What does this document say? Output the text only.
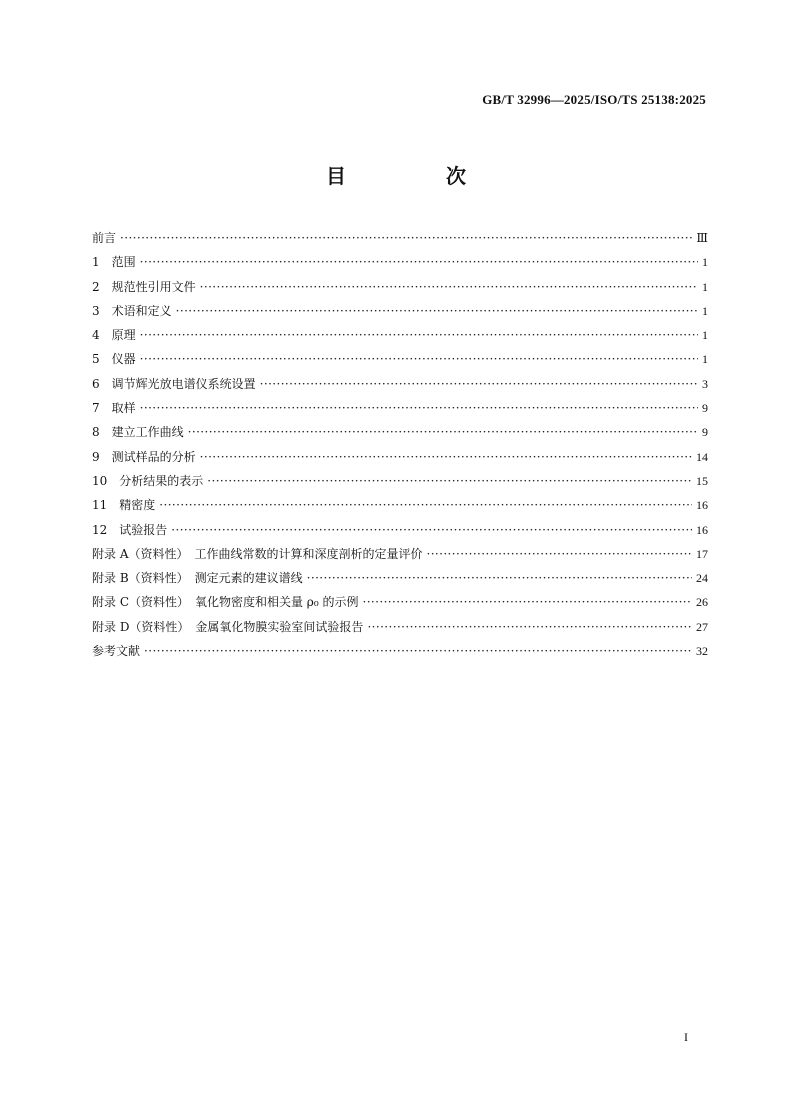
GB/T 32996—2025/ISO/TS 25138:2025
目　次
前言 ·····	Ⅲ
1　范围 ·····	1
2　规范性引用文件 ·····	1
3　术语和定义 ·····	1
4　原理 ·····	1
5　仪器 ·····	1
6　调节辉光放电谱仪系统设置 ·····	3
7　取样 ·····	9
8　建立工作曲线 ·····	9
9　测试样品的分析 ·····	14
10　分析结果的表示 ·····	15
11　精密度 ·····	16
12　试验报告 ·····	16
附录 A（资料性）　工作曲线常数的计算和深度剖析的定量评价 ·····	17
附录 B（资料性）　测定元素的建议谱线 ·····	24
附录 C（资料性）　氧化物密度和相关量 ρ₀ 的示例 ·····	26
附录 D（资料性）　金属氧化物膜实验室间试验报告 ·····	27
参考文献 ·····	32
I
